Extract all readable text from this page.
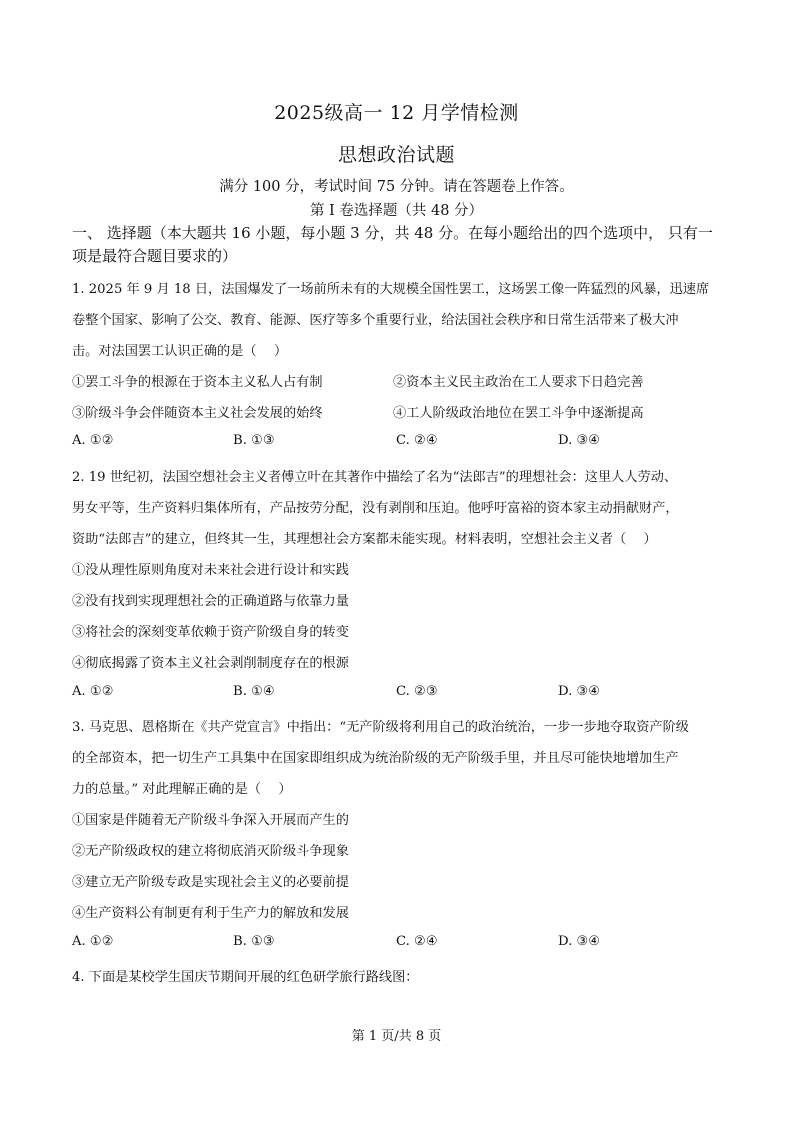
2025级高一 12 月学情检测
思想政治试题
满分 100 分，考试时间 75 分钟。请在答题卷上作答。
第 I 卷选择题（共 48 分）
一、 选择题（本大题共 16 小题，每小题 3 分，共 48 分。在每小题给出的四个选项中， 只有一项是最符合题目要求的）
1. 2025 年 9 月 18 日，法国爆发了一场前所未有的大规模全国性罢工，这场罢工像一阵猛烈的风暴，迅速席
卷整个国家、影响了公交、教育、能源、医疗等多个重要行业，给法国社会秩序和日常生活带来了极大冲
击。对法国罢工认识正确的是（　 ）
①罢工斗争的根源在于资本主义私人占有制	②资本主义民主政治在工人要求下日趋完善
③阶级斗争会伴随资本主义社会发展的始终	④工人阶级政治地位在罢工斗争中逐渐提高
A. ①②	B. ①③	C. ②④	D. ③④
2. 19 世纪初，法国空想社会主义者傅立叶在其著作中描绘了名为“法郎吉”的理想社会：这里人人劳动、
男女平等，生产资料归集体所有，产品按劳分配，没有剥削和压迫。他呼吁富裕的资本家主动捐献财产，
资助“法郎吉”的建立，但终其一生，其理想社会方案都未能实现。材料表明，空想社会主义者（　 ）
①没从理性原则角度对未来社会进行设计和实践
②没有找到实现理想社会的正确道路与依靠力量
③将社会的深刻变革依赖于资产阶级自身的转变
④彻底揭露了资本主义社会剥削制度存在的根源
A. ①②	B. ①④	C. ②③	D. ③④
3. 马克思、恩格斯在《共产党宣言》中指出：“无产阶级将利用自己的政治统治，一步一步地夺取资产阶级
的全部资本，把一切生产工具集中在国家即组织成为统治阶级的无产阶级手里，并且尽可能快地增加生产
力的总量。” 对此理解正确的是（　 ）
①国家是伴随着无产阶级斗争深入开展而产生的
②无产阶级政权的建立将彻底消灭阶级斗争现象
③建立无产阶级专政是实现社会主义的必要前提
④生产资料公有制更有利于生产力的解放和发展
A. ①②	B. ①③	C. ②④	D. ③④
4. 下面是某校学生国庆节期间开展的红色研学旅行路线图：
第 1 页/共 8 页
